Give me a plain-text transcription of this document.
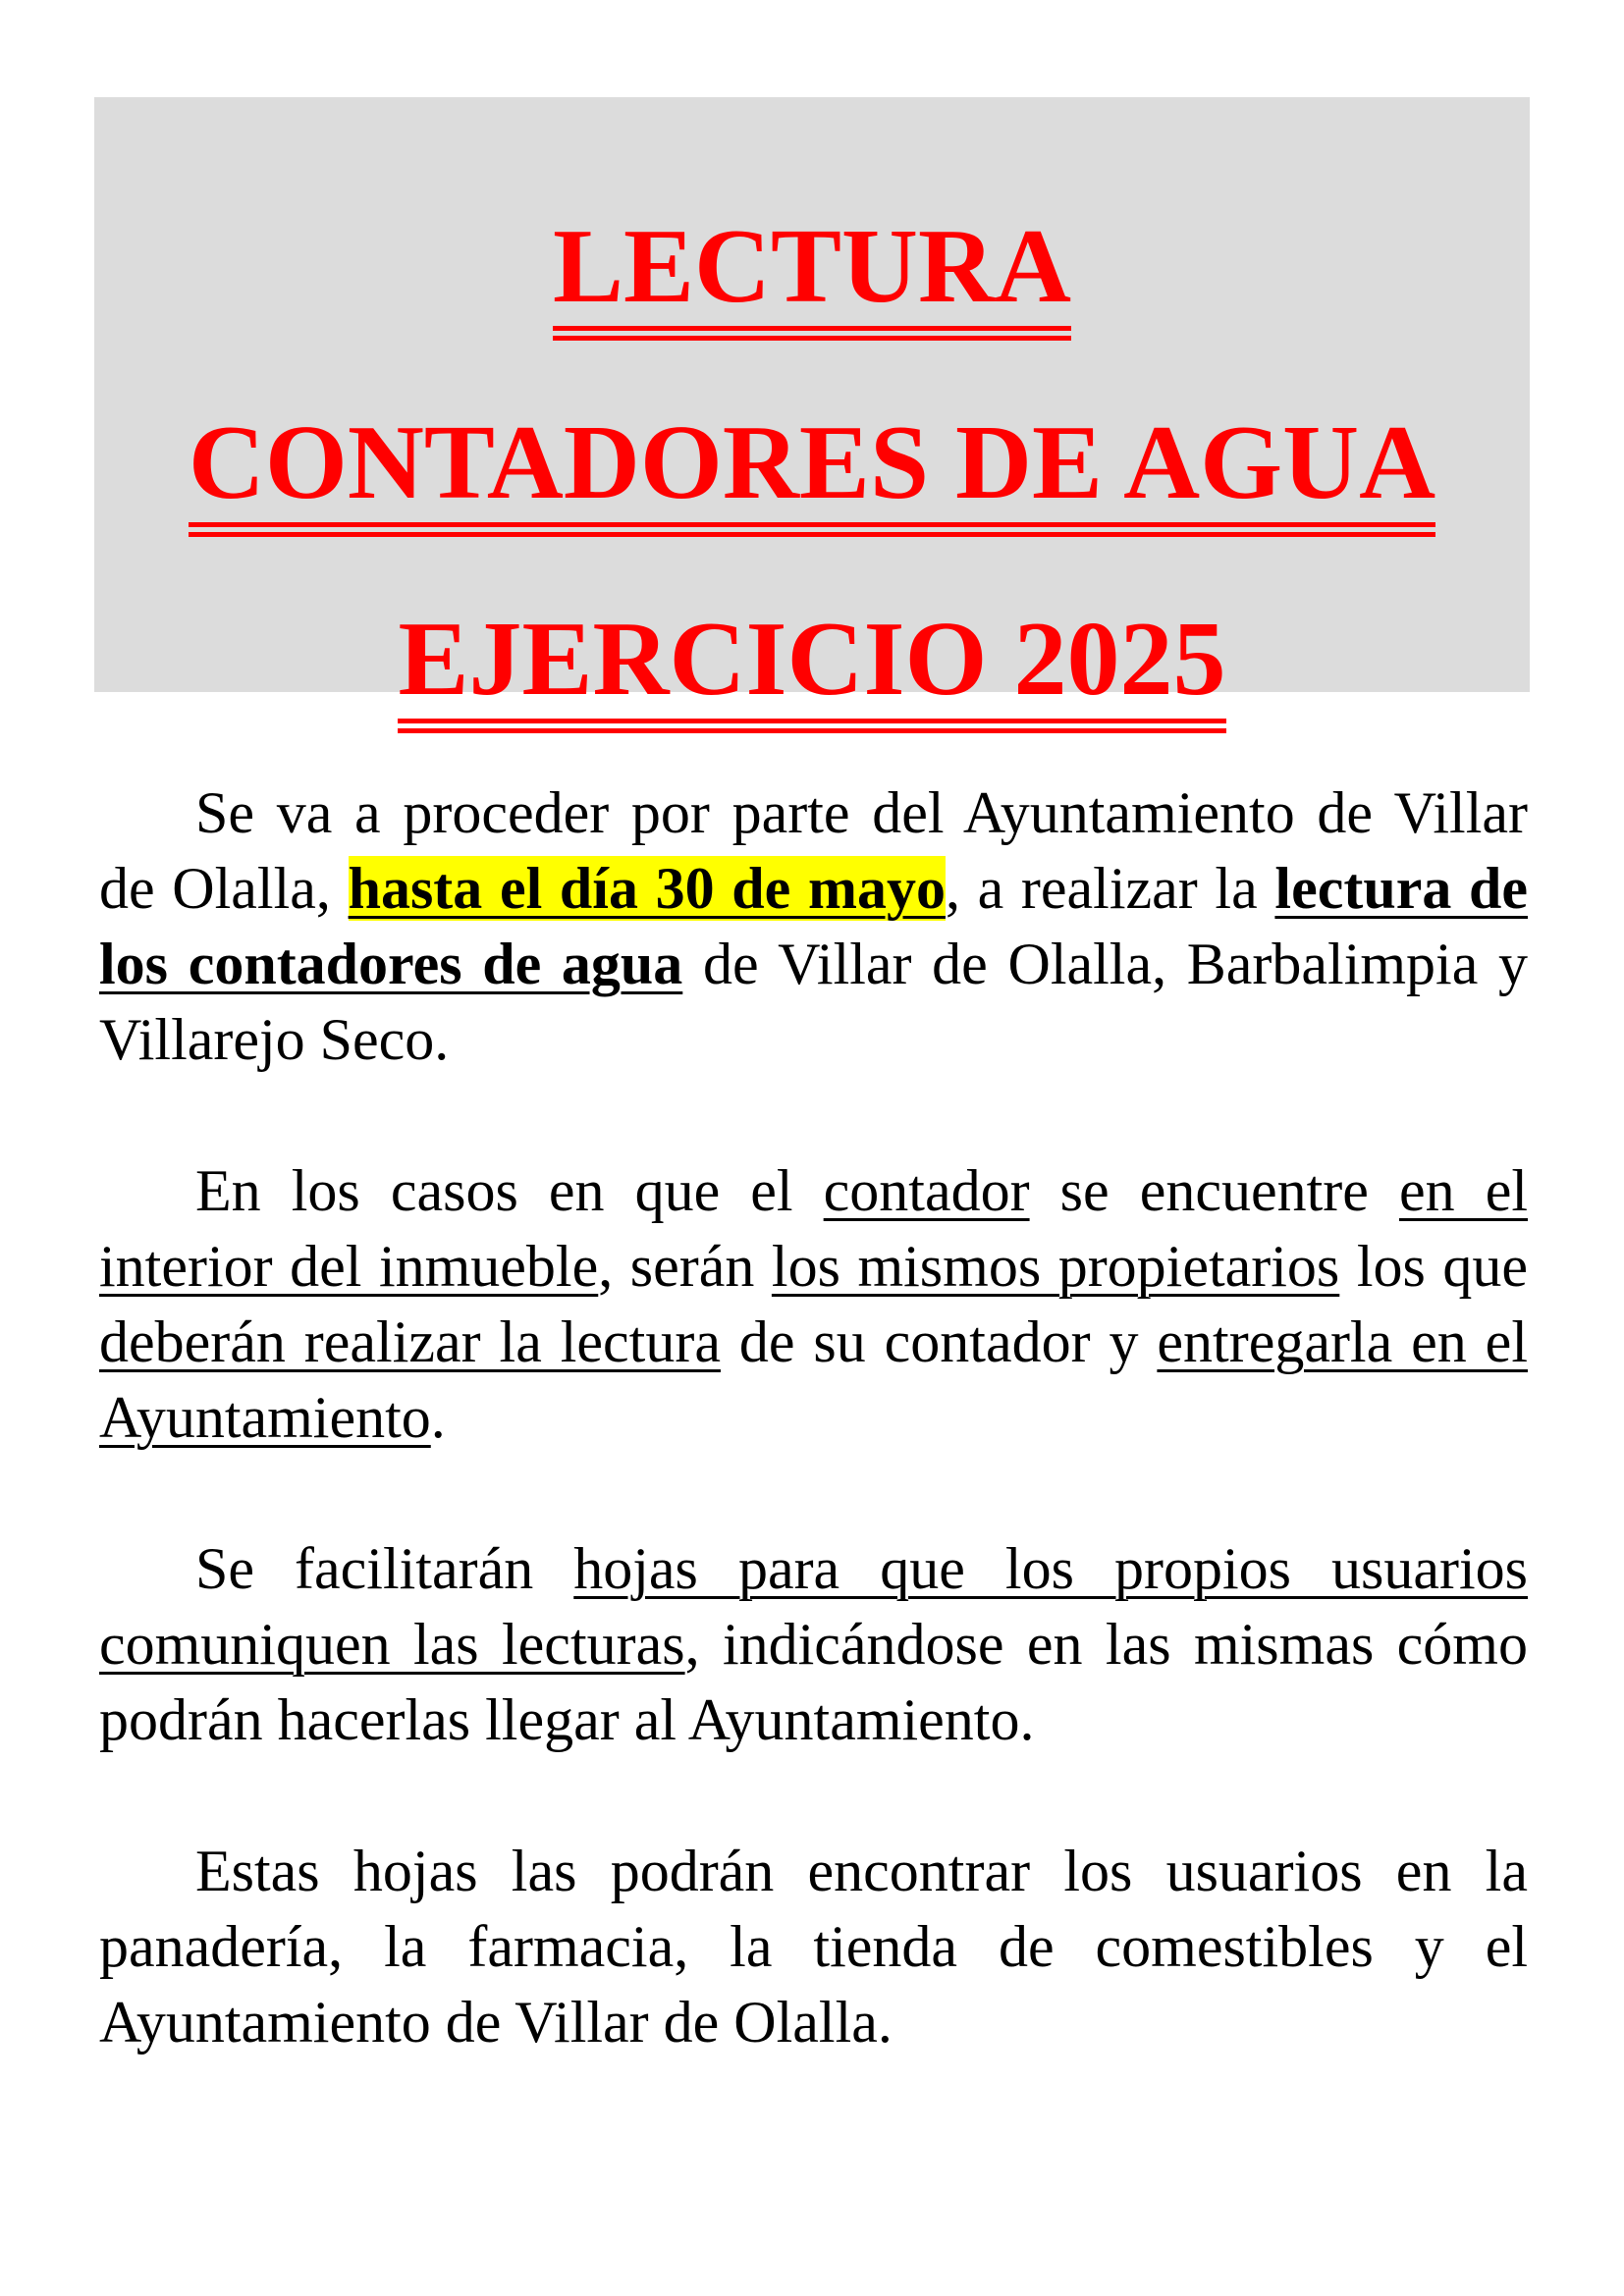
LECTURA
CONTADORES DE AGUA
EJERCICIO 2025

Se va a proceder por parte del Ayuntamiento de Villar de Olalla, hasta el día 30 de mayo, a realizar la lectura de los contadores de agua de Villar de Olalla, Barbalimpia y Villarejo Seco.

En los casos en que el contador se encuentre en el interior del inmueble, serán los mismos propietarios los que deberán realizar la lectura de su contador y entregarla en el Ayuntamiento.

Se facilitarán hojas para que los propios usuarios comuniquen las lecturas, indicándose en las mismas cómo podrán hacerlas llegar al Ayuntamiento.

Estas hojas las podrán encontrar los usuarios en la panadería, la farmacia, la tienda de comestibles y el Ayuntamiento de Villar de Olalla.
